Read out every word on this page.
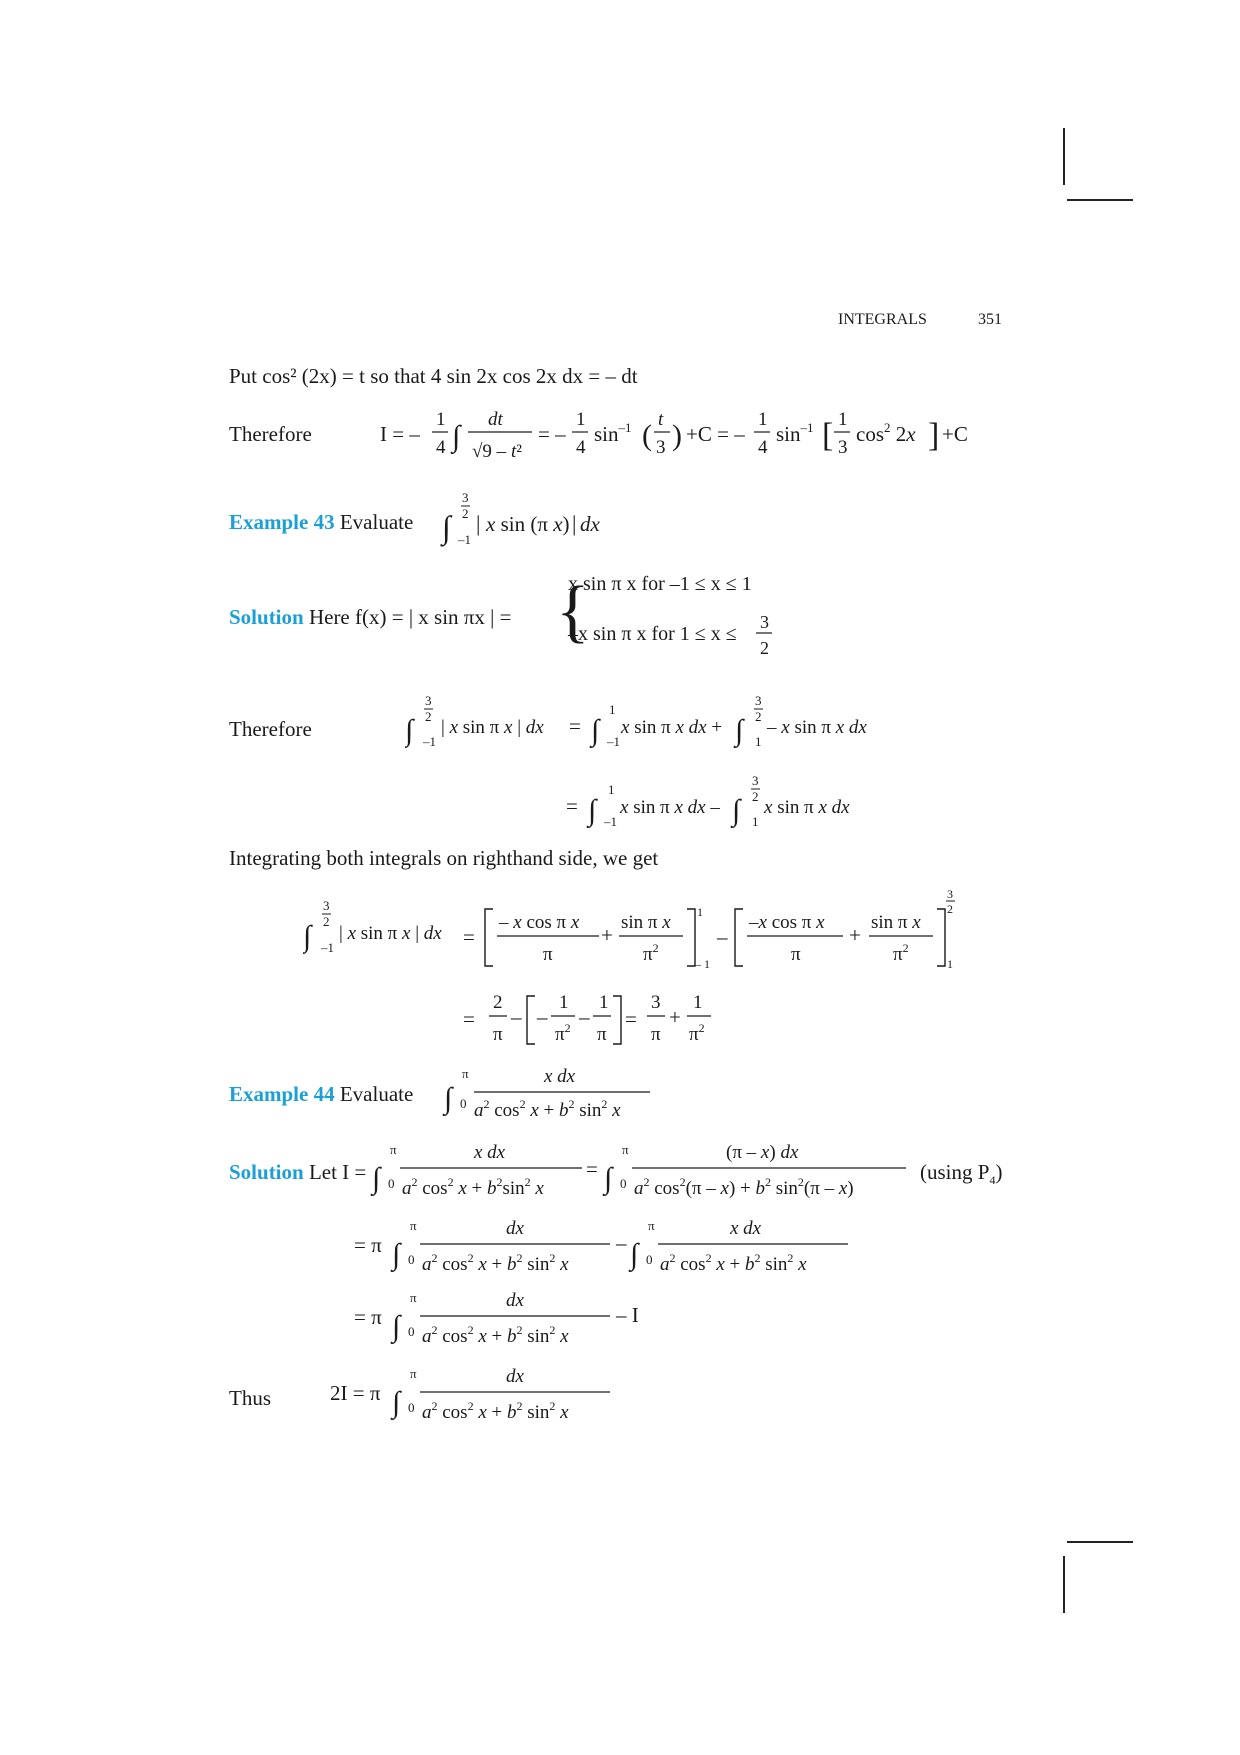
INTEGRALS	351
Put cos² (2x) = t so that 4 sin 2x cos 2x dx = – dt
Therefore	I = –
1
4 ∫
dt
√9 – t²
= –
1
4
$\sin^{-1}$ ( t
3 ) +C = –
1
4
$\sin^{-1}$ [ 1
3
$\cos^2 2x$ ] +C
Example 43 Evaluate ∫
3
2
–1
| x sin (π x) | dx
Solution Here f(x) = | x sin πx | = {
x sin π x for –1 ≤ x ≤ 1
–x sin π x for 1 ≤ x ≤
3
2
Therefore	∫
3
2
–1
| x sin π x | dx = ∫
1
–1
x sin π x dx + ∫
3
2
1
– x sin π x dx
= ∫
1
–1
x sin π x dx – ∫
3
2
1
x sin π x dx
Integrating both integrals on righthand side, we get
∫
3
2
–1
| x sin π x | dx =
– x cos π x
π
+
sin π x
$\pi^2$
1
– 1
–
–x cos π x
π
+
sin π x
$\pi^2$
3
2
1
=
2
π
– –
1
$\pi^2$ –
1
π
=
3
π
+
1
$\pi^2$
Example 44 Evaluate ∫
π
0
x dx
$a^2$ $\cos^2 x + b^2$ $\sin^2 x$
Solution Let I = ∫
π
0
x dx
$a^2$ $\cos^2 x + b^2\sin^2$ x
= ∫
π
0
(π – x) dx
$a^2$ $\cos^2(\pi - x) + b^2$ $\sin^2(\pi - x)$
(using $P_4$)
= π ∫
π
0
dx
$a^2$ $\cos^2 x + b^2$ $\sin^2 x$
– ∫
π
0
x dx
$a^2$ $\cos^2 x + b^2$ $\sin^2 x$
= π ∫
π
0
dx
$a^2$ $\cos^2 x + b^2$ $\sin^2 x$
– I
Thus	2I = π ∫
π
0
dx
$a^2$ $\cos^2 x + b^2$ $\sin^2 x$
